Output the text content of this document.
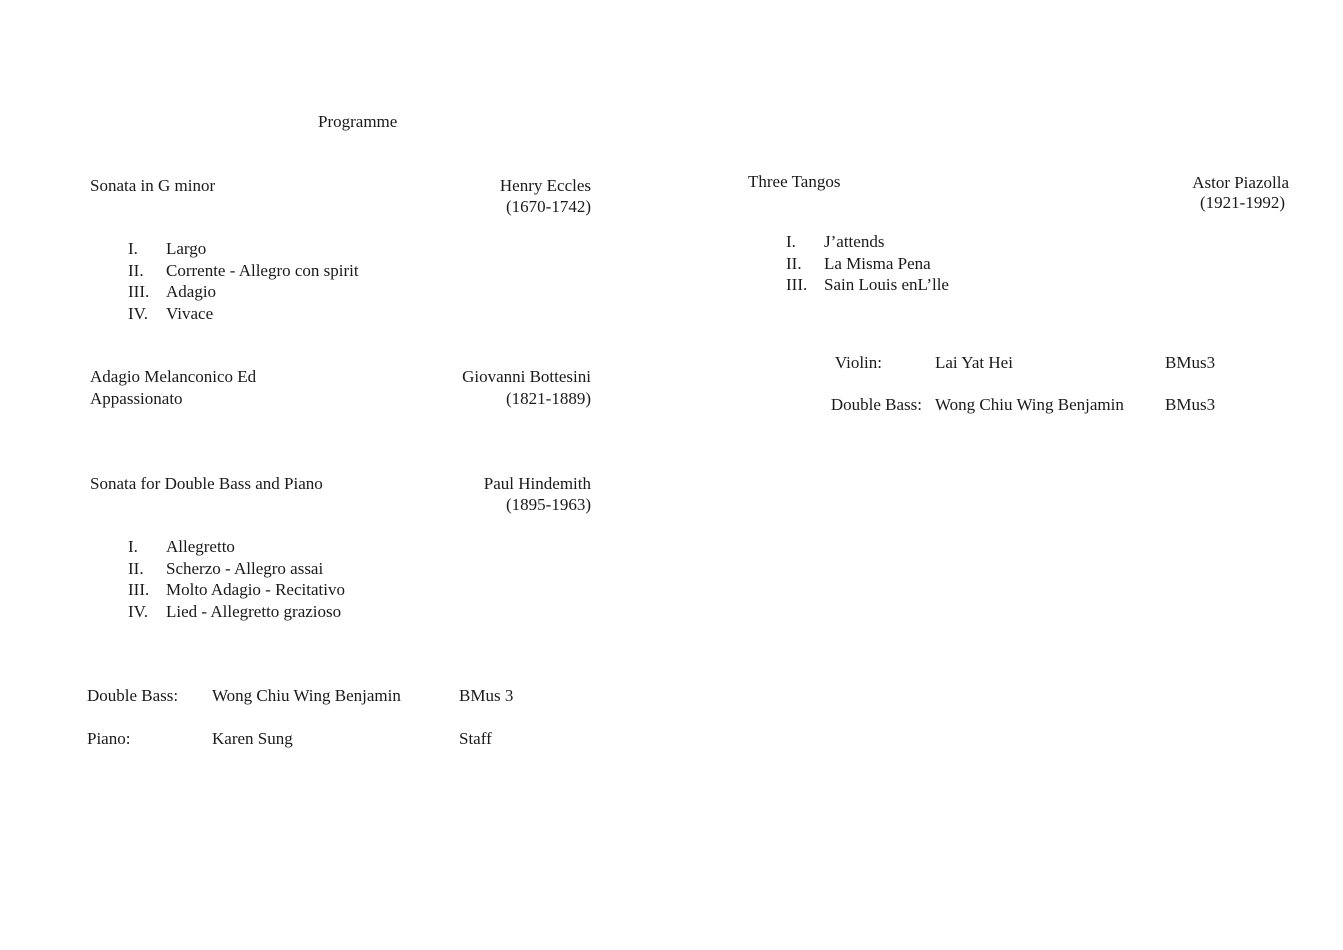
Programme
Sonata in G minor	Henry Eccles
(1670-1742)
I. Largo
II. Corrente - Allegro con spirit
III. Adagio
IV. Vivace
Adagio Melanconico Ed
Appassionato
Giovanni Bottesini
(1821-1889)
Sonata for Double Bass and Piano	Paul Hindemith
(1895-1963)
I. Allegretto
II. Scherzo - Allegro assai
III. Molto Adagio - Recitativo
IV. Lied - Allegretto grazioso
Double Bass: Wong Chiu Wing Benjamin	BMus 3
Piano:	Karen Sung	Staff
Three Tangos	Astor Piazolla
(1921-1992)
I. J’attends
II. La Misma Pena
III. Sain Louis enL’lle
Violin:	Lai Yat Hei	BMus3
Double Bass: Wong Chiu Wing Benjamin BMus3
